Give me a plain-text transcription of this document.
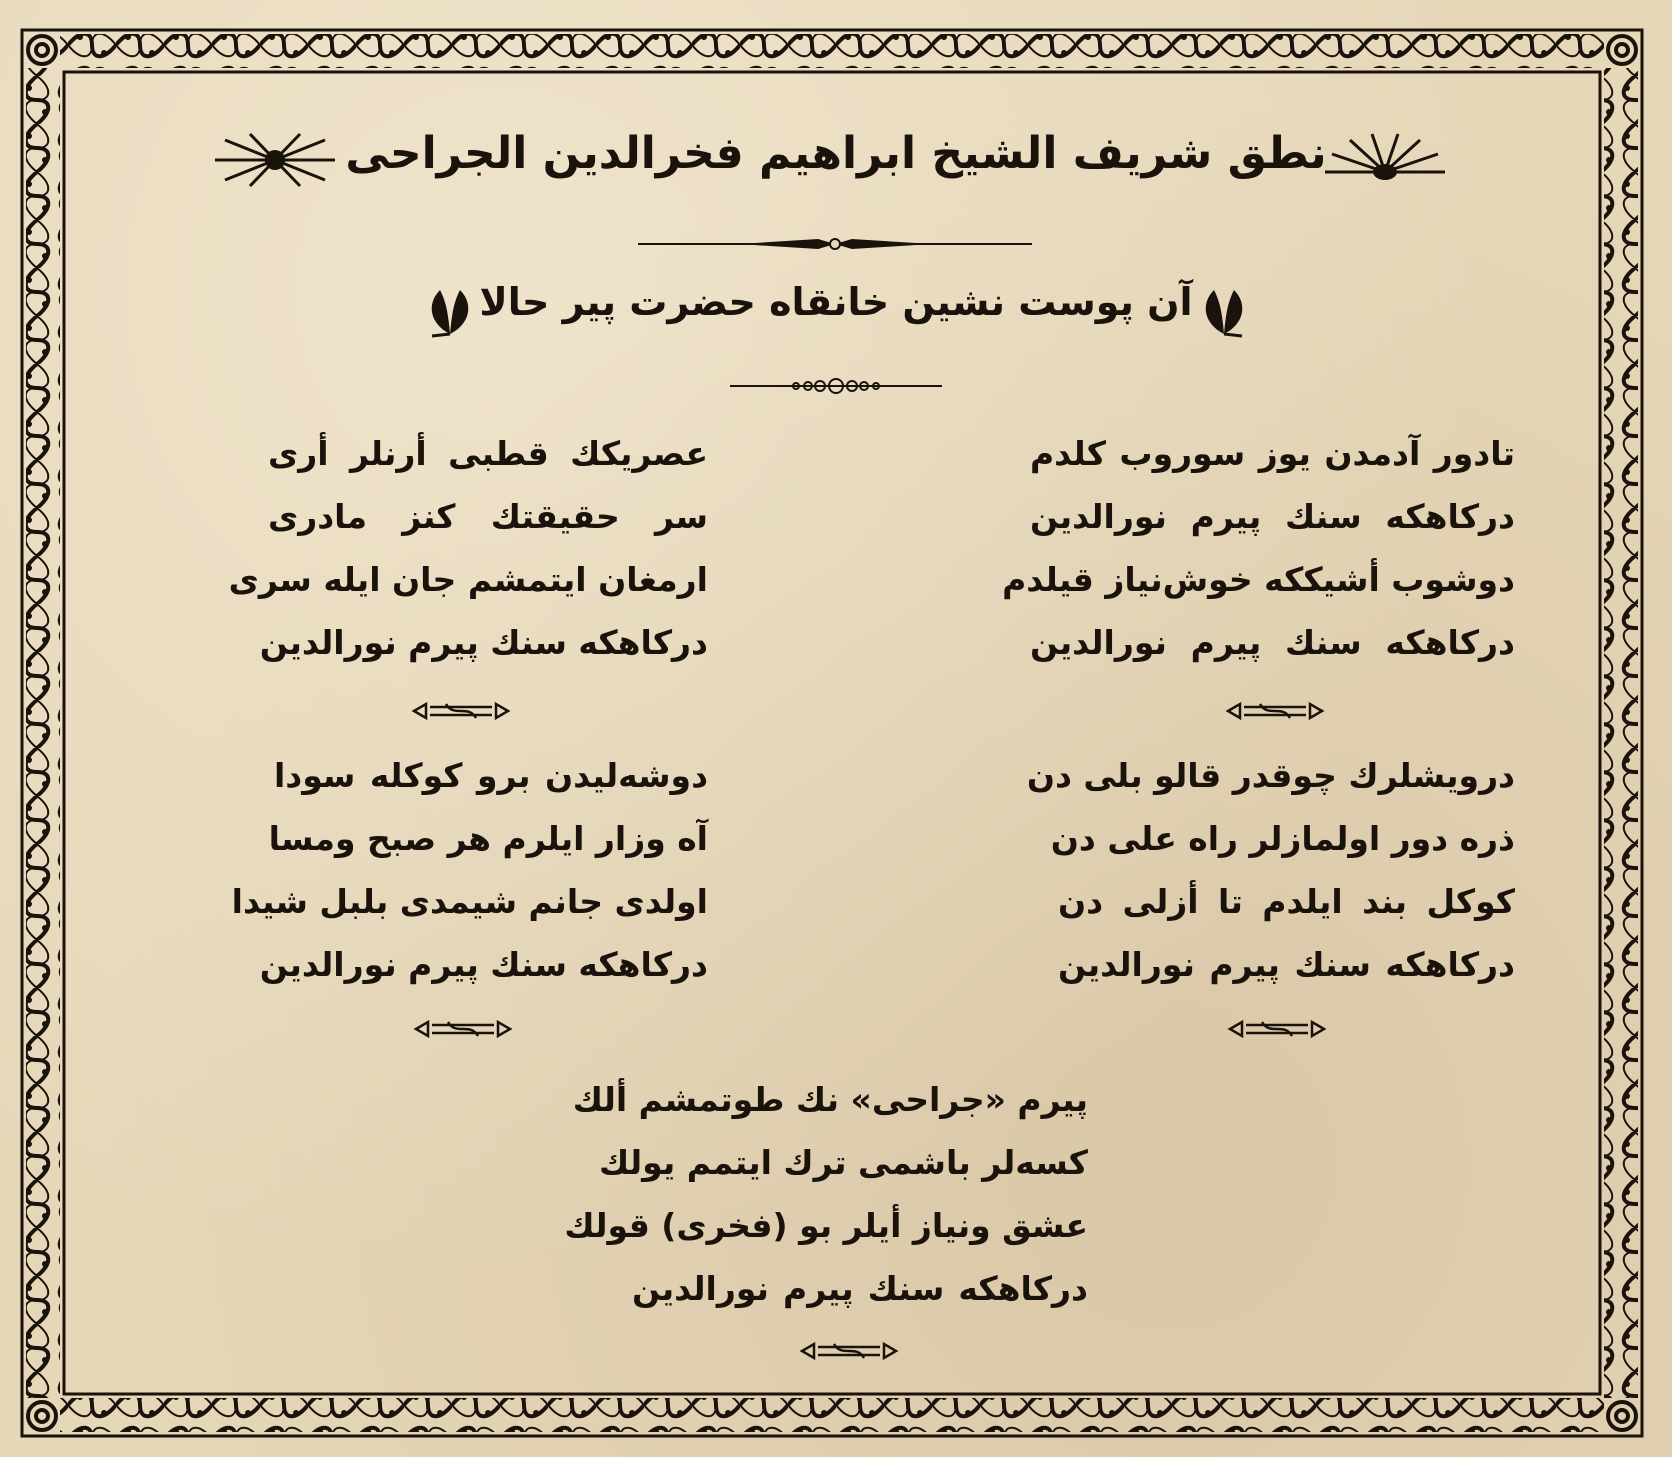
نطق شریف الشیخ ابراهیم فخرالدین الجراحی
آن پوست نشین خانقاه حضرت پیر حالا
تادور آدمدن یوز سوروب كلدم
دركاهكه سنك پیرم نورالدین
دوشوب أشیككه خوش‌نیاز قیلدم
دركاهكه سنك پیرم نورالدین
عصریكك قطبی أرنلر أری
سر حقیقتك كنز مادری
ارمغان ایتمشم جان ایله سری
دركاهكه سنك پیرم نورالدین
درویشلرك چوقدر قالو بلی دن
ذره دور اولمازلر راه علی دن
كوكل بند ایلدم تا أزلی دن
دركاهكه سنك پیرم نورالدین
دوشه‌لیدن برو كوكله سودا
آه وزار ایلرم هر صبح ومسا
اولدی جانم شیمدی بلبل شیدا
دركاهكه سنك پیرم نورالدین
پیرم «جراحی» نك طوتمشم ألك
كسه‌لر باشمی ترك ایتمم یولك
عشق ونیاز أیلر بو (فخری) قولك
دركاهكه سنك پیرم نورالدین
